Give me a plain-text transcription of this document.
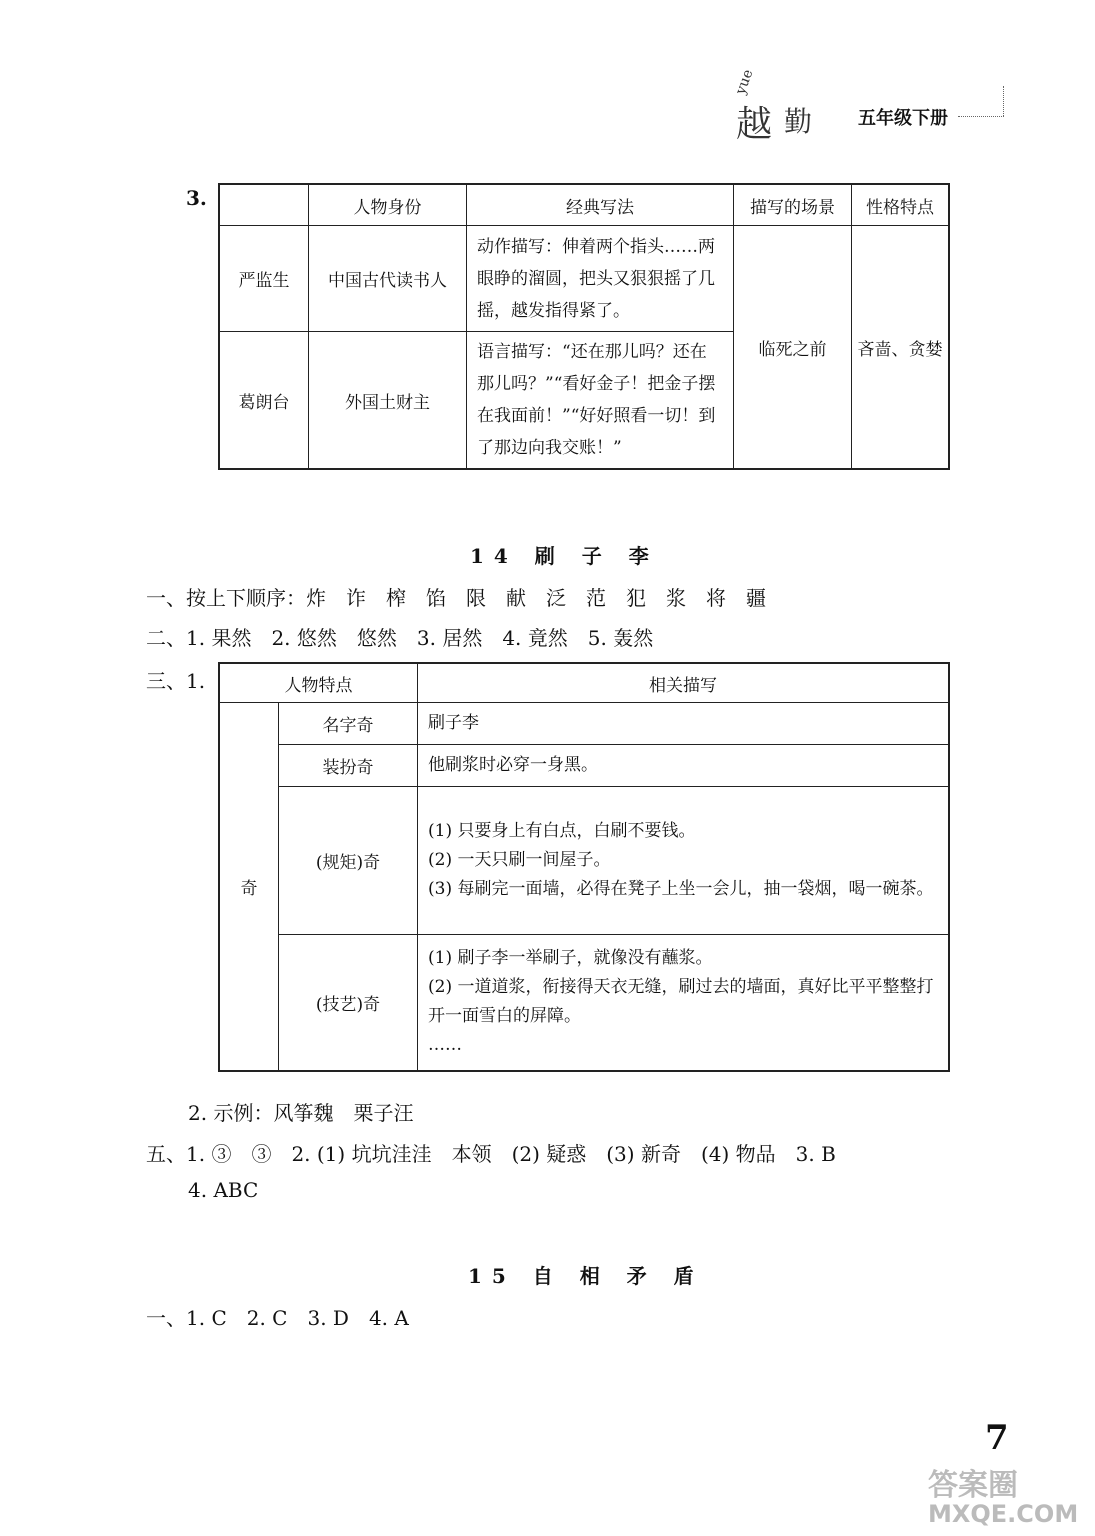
yue
越 勤	五年级下册
3.
		人物身份	经典写法	描写的场景	性格特点
严监生	中国古代读书人	动作描写：伸着两个指头……两眼睁的溜圆，把头又狠狠摇了几摇，越发指得紧了。	临死之前	吝啬、贪婪
葛朗台	外国土财主	语言描写：“还在那儿吗？还在那儿吗？”“看好金子！把金子摆在我面前！”“好好照看一切！到了那边向我交账！”		
14 刷 子 李
一、按上下顺序：炸　诈　榨　馅　限　献　泛　范　犯　浆　将　疆
二、1. 果然　2. 悠然　悠然　3. 居然　4. 竟然　5. 轰然
三、1.	人物特点		相关描写
奇	名字奇	刷子李

	装扮奇	他刷浆时必穿一身黑。

	(规矩)奇	(1) 只要身上有白点，白刷不要钱。
(2) 一天只刷一间屋子。
(3) 每刷完一面墙，必得在凳子上坐一会儿，抽一袋烟，喝一碗茶。

	(技艺)奇	(1) 刷子李一举刷子，就像没有蘸浆。
(2) 一道道浆，衔接得天衣无缝，刷过去的墙面，真好比平平整整打开一面雪白的屏障。
……
2. 示例：风筝魏　栗子汪
五、1. ③　③　2. (1) 坑坑洼洼　本领　(2) 疑惑　(3) 新奇　(4) 物品　3. B
4. ABC
15 自 相 矛 盾
一、1. C　2. C　3. D　4. A
7
答案圈
MXQE.COM
